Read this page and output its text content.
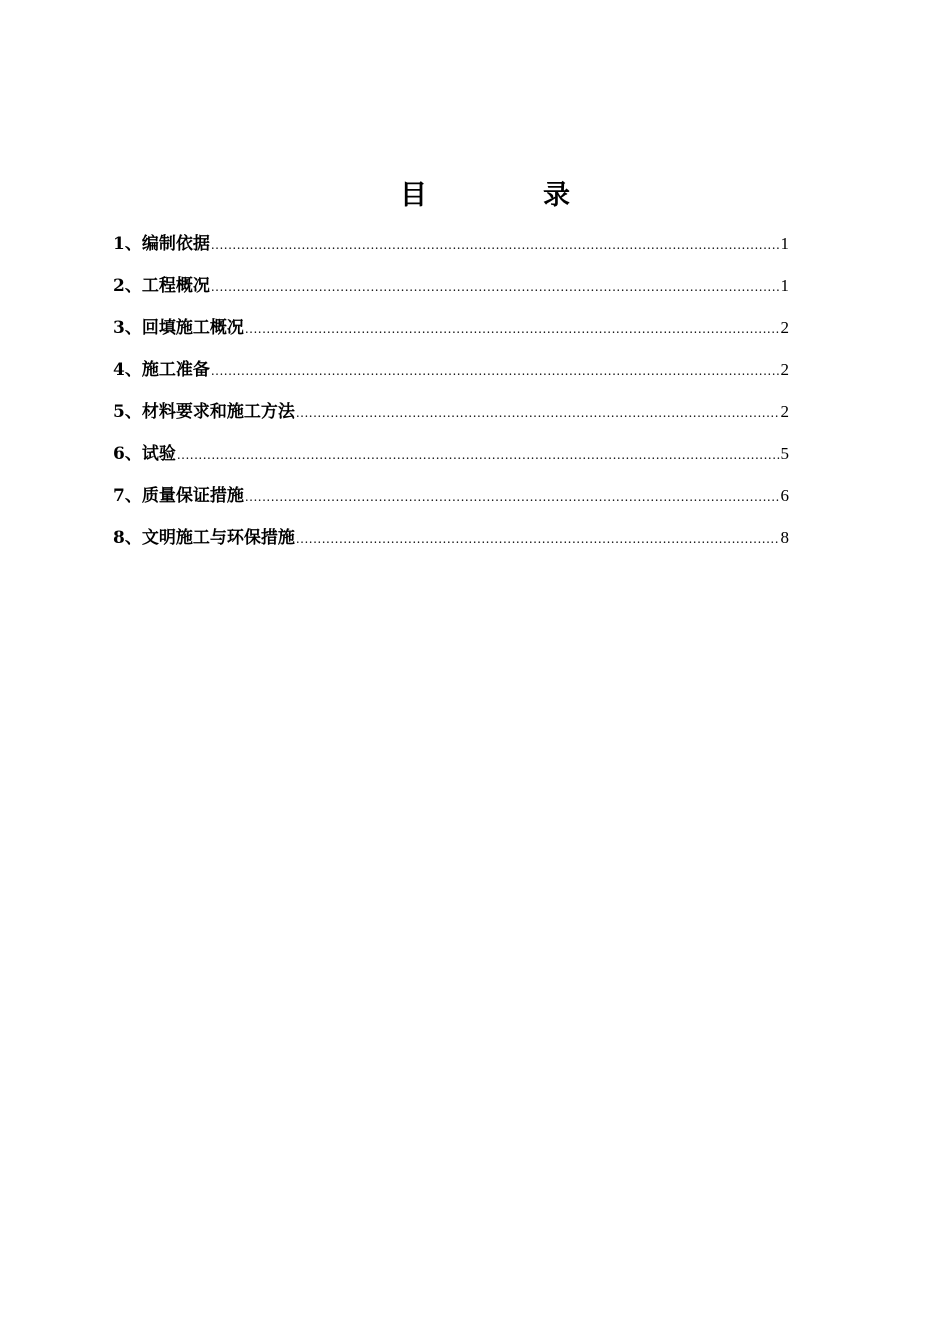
目          录
1、编制依据 .....	1
2、工程概况 .....	1
3、回填施工概况 .....	2
4、施工准备 .....	2
5、材料要求和施工方法 .....	2
6、试验 .....	5
7、质量保证措施 .....	6
8、文明施工与环保措施 .....	8
